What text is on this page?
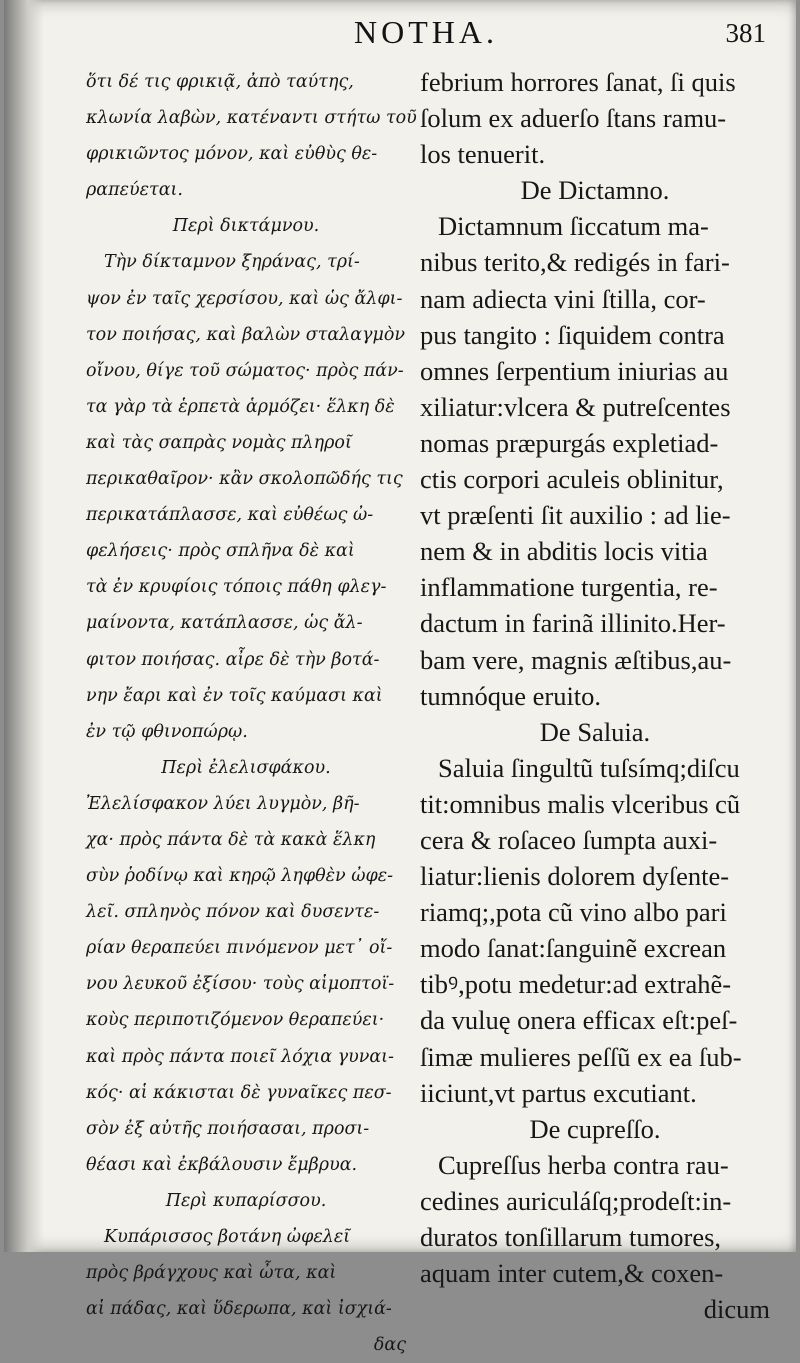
NOTHA.	381
ὅτι δέ τις φρικιᾷ, ἀπὸ ταύτης,
κλωνία λαβὼν, κατέναντι στήτω τοῦ
φρικιῶντος μόνον, καὶ εὐθὺς θε-
ραπεύεται.
Περὶ δικτάμνου.
Τὴν δίκταμνον ξηράνας, τρί-
ψον ἐν ταῖς χερσίσου, καὶ ὡς ἄλφι-
τον ποιήσας, καὶ βαλὼν σταλαγμὸν
οἴνου, θίγε τοῦ σώματος· πρὸς πάν-
τα γὰρ τὰ ἑρπετὰ ἁρμόζει· ἕλκη δὲ
καὶ τὰς σαπρὰς νομὰς πληροῖ
περικαθαῖρον· κἂν σκολοπῶδής τις
περικατάπλασσε, καὶ εὐθέως ὠ-
φελήσεις· πρὸς σπλῆνα δὲ καὶ
τὰ ἐν κρυφίοις τόποις πάθη φλεγ-
μαίνοντα, κατάπλασσε, ὡς ἄλ-
φιτον ποιήσας. αἶρε δὲ τὴν βοτά-
νην ἔαρι καὶ ἐν τοῖς καύμασι καὶ
ἐν τῷ φθινοπώρῳ.
Περὶ ἐλελισφάκου.
Ἐλελίσφακον λύει λυγμὸν, βῆ-
χα· πρὸς πάντα δὲ τὰ κακὰ ἕλκη
σὺν ῥοδίνῳ καὶ κηρῷ ληφθὲν ὠφε-
λεῖ. σπληνὸς πόνον καὶ δυσεντε-
ρίαν θεραπεύει πινόμενον μετ᾽ οἴ-
νου λευκοῦ ἐξίσου· τοὺς αἱμοπτοϊ-
κοὺς περιποτιζόμενον θεραπεύει·
καὶ πρὸς πάντα ποιεῖ λόχια γυναι-
κός· αἱ κάκισται δὲ γυναῖκες πεσ-
σὸν ἐξ αὐτῆς ποιήσασαι, προσι-
θέασι καὶ ἐκβάλουσιν ἔμβρυα.
Περὶ κυπαρίσσου.
Κυπάρισσος βοτάνη ὠφελεῖ
πρὸς βράγχους καὶ ὦτα, καὶ
αἱ πάδας, καὶ ὕδερωπα, καὶ ἰσχιά-
δας
febrium horrores ſanat, ſi quis
ſolum ex aduerſo ſtans ramu-
los tenuerit.
De Dictamno.
Dictamnum ſiccatum ma-
nibus terito,& redigés in fari-
nam adiecta vini ſtilla, cor-
pus tangito : ſiquidem contra
omnes ſerpentium iniurias au
xiliatur:vlcera & putreſcentes
nomas præpurgás expletiad-
ctis corpori aculeis oblinitur,
vt præſenti ſit auxilio : ad lie-
nem & in abditis locis vitia
inflammatione turgentia, re-
dactum in farinã illinito.Her-
bam vere, magnis æſtibus,au-
tumnóque eruito.
De Saluia.
Saluia ſingultũ tuſsímq;diſcu
tit:omnibus malis vlceribus cũ
cera & roſaceo ſumpta auxi-
liatur:lienis dolorem dyſente-
riamq;,pota cũ vino albo pari
modo ſanat:ſanguinẽ excrean
tibꝰ,potu medetur:ad extrahẽ-
da vuluę onera efficax eſt:peſ-
ſimæ mulieres peſſũ ex ea ſub-
iiciunt,vt partus excutiant.
De cupreſſo.
Cupreſſus herba contra rau-
cedines auriculáſq;prodeſt:in-
duratos tonſillarum tumores,
aquam inter cutem,& coxen-
dicum
